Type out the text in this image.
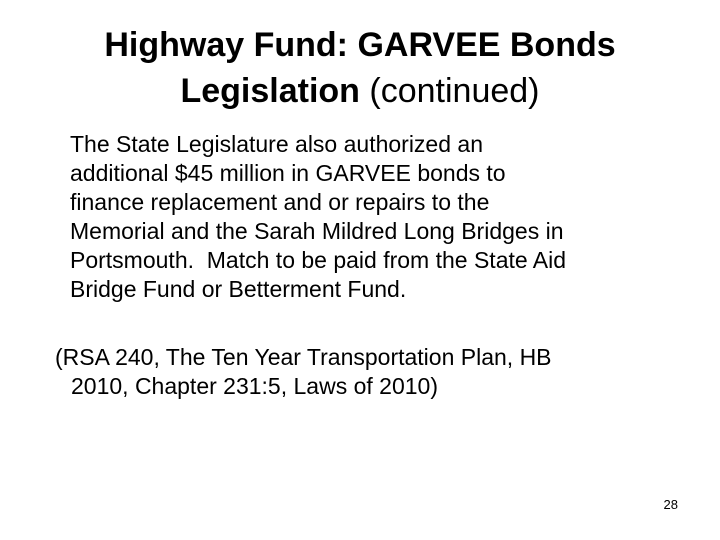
Highway Fund: GARVEE Bonds
Legislation (continued)
The State Legislature also authorized an
additional $45 million in GARVEE bonds to
finance replacement and or repairs to the
Memorial and the Sarah Mildred Long Bridges in
Portsmouth.  Match to be paid from the State Aid
Bridge Fund or Betterment Fund.
(RSA 240, The Ten Year Transportation Plan, HB
2010, Chapter 231:5, Laws of 2010)
28
